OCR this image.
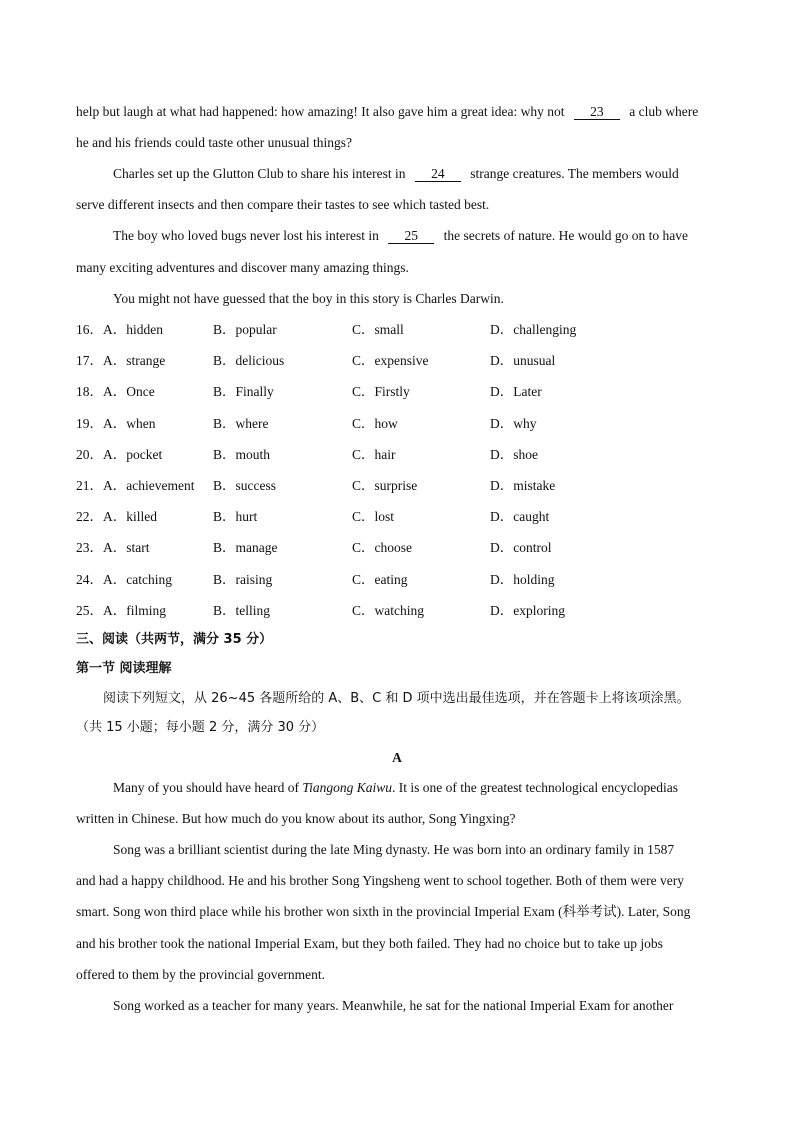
help but laugh at what had happened: how amazing! It also gave him a great idea: why not 23 a club where
he and his friends could taste other unusual things?
Charles set up the Glutton Club to share his interest in 24 strange creatures. The members would
serve different insects and then compare their tastes to see which tasted best.
The boy who loved bugs never lost his interest in 25 the secrets of nature. He would go on to have
many exciting adventures and discover many amazing things.
You might not have guessed that the boy in this story is Charles Darwin.
16． A．hidden	B．popular	C．small	D．challenging
17． A．strange	B．delicious	C．expensive	D．unusual
18． A．Once	B．Finally	C．Firstly	D．Later
19． A．when	B．where	C．how	D．why
20． A．pocket	B．mouth	C．hair	D．shoe
21． A．achievement B．success	C．surprise	D．mistake
22． A．killed	B．hurt	C．lost	D．caught
23． A．start	B．manage	C．choose	D．control
24． A．catching	B．raising	C．eating	D．holding
25． A．filming	B．telling	C．watching	D．exploring
三、阅读（共两节，满分 35 分）
第一节 阅读理解
阅读下列短文，从 26~45 各题所给的 A、B、C 和 D 项中选出最佳选项，并在答题卡上将该项涂黑。
（共 15 小题；每小题 2 分，满分 30 分）
A
Many of you should have heard of Tiangong Kaiwu. It is one of the greatest technological encyclopedias
written in Chinese. But how much do you know about its author, Song Yingxing?
Song was a brilliant scientist during the late Ming dynasty. He was born into an ordinary family in 1587
and had a happy childhood. He and his brother Song Yingsheng went to school together. Both of them were very
smart. Song won third place while his brother won sixth in the provincial Imperial Exam (科举考试). Later, Song
and his brother took the national Imperial Exam, but they both failed. They had no choice but to take up jobs
offered to them by the provincial government.
Song worked as a teacher for many years. Meanwhile, he sat for the national Imperial Exam for another
